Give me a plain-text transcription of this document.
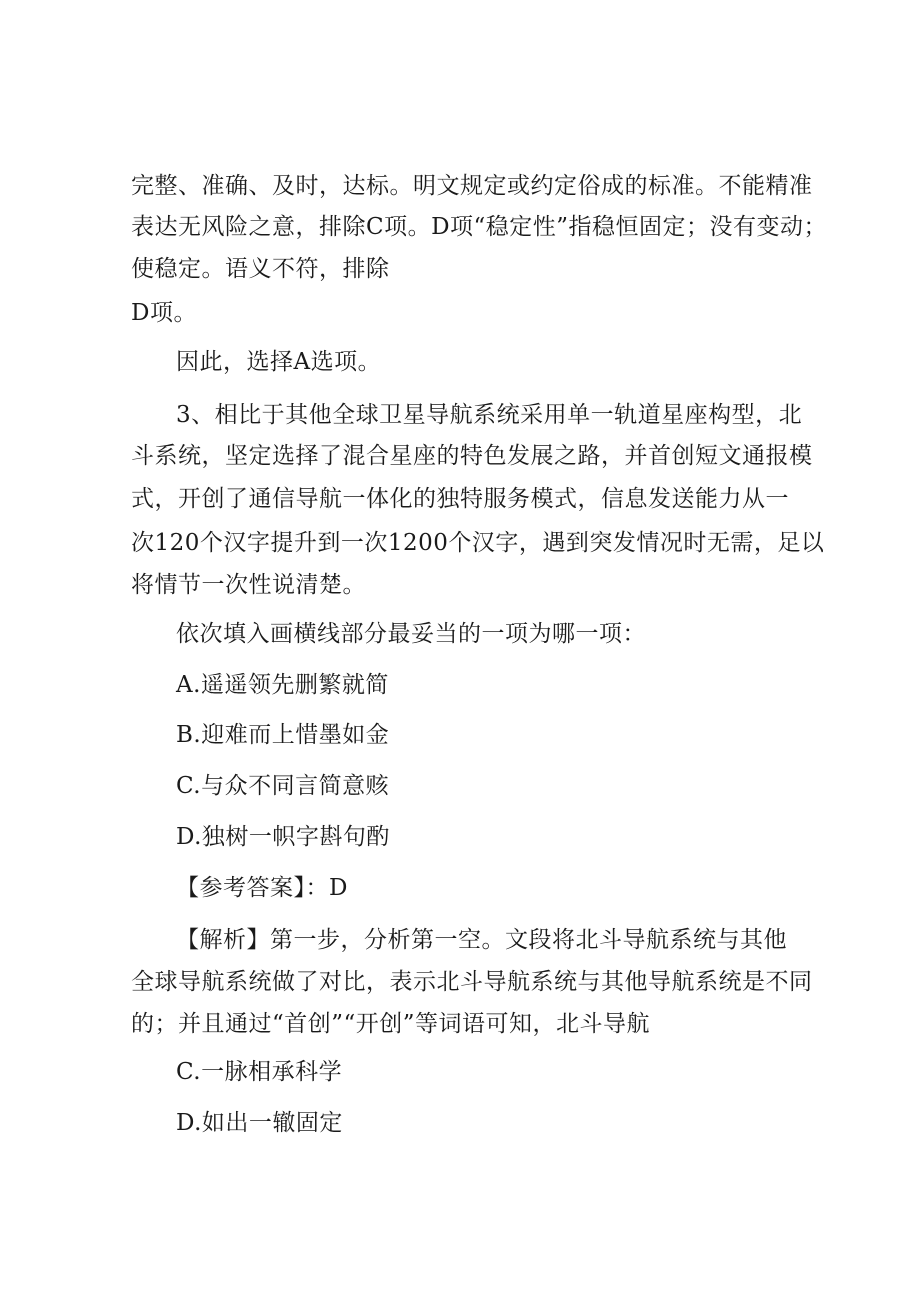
完整、准确、及时，达标。明文规定或约定俗成的标准。不能精准
表达无风险之意，排除C项。D项“稳定性”指稳恒固定；没有变动；
使稳定。语义不符，排除
D项。
因此，选择A选项。
3、相比于其他全球卫星导航系统采用单一轨道星座构型，北
斗系统，坚定选择了混合星座的特色发展之路，并首创短文通报模
式，开创了通信导航一体化的独特服务模式，信息发送能力从一
次120个汉字提升到一次1200个汉字，遇到突发情况时无需，足以
将情节一次性说清楚。
依次填入画横线部分最妥当的一项为哪一项：
A.遥遥领先删繁就简
B.迎难而上惜墨如金
C.与众不同言简意赅
D.独树一帜字斟句酌
【参考答案】：D
【解析】第一步，分析第一空。文段将北斗导航系统与其他
全球导航系统做了对比，表示北斗导航系统与其他导航系统是不同
的；并且通过“首创”“开创”等词语可知，北斗导航
C.一脉相承科学
D.如出一辙固定
